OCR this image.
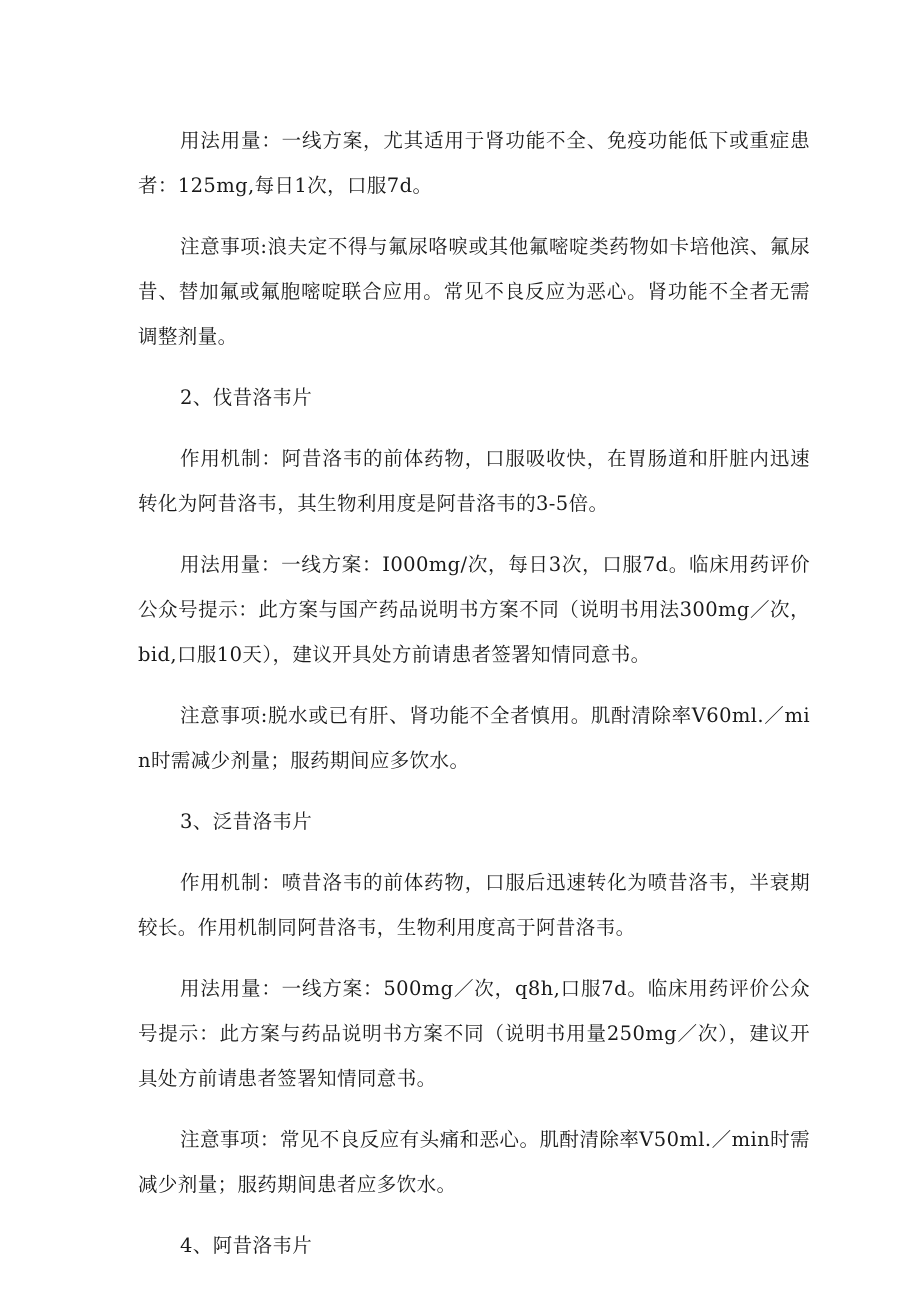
用法用量：一线方案，尤其适用于肾功能不全、免疫功能低下或重症患者：125mg,每日1次，口服7d。

注意事项:浪夫定不得与氟尿咯唳或其他氟嘧啶类药物如卡培他滨、氟尿昔、替加氟或氟胞嘧啶联合应用。常见不良反应为恶心。肾功能不全者无需调整剂量。

2、伐昔洛韦片

作用机制：阿昔洛韦的前体药物，口服吸收快，在胃肠道和肝脏内迅速转化为阿昔洛韦，其生物利用度是阿昔洛韦的3-5倍。

用法用量：一线方案：I000mg/次，每日3次，口服7d。临床用药评价公众号提示：此方案与国产药品说明书方案不同（说明书用法300mg／次，bid,口服10天），建议开具处方前请患者签署知情同意书。

注意事项:脱水或已有肝、肾功能不全者慎用。肌酎清除率V60ml.／min时需减少剂量；服药期间应多饮水。

3、泛昔洛韦片

作用机制：喷昔洛韦的前体药物，口服后迅速转化为喷昔洛韦，半衰期较长。作用机制同阿昔洛韦，生物利用度高于阿昔洛韦。

用法用量：一线方案：500mg／次，q8h,口服7d。临床用药评价公众号提示：此方案与药品说明书方案不同（说明书用量250mg／次），建议开具处方前请患者签署知情同意书。

注意事项：常见不良反应有头痛和恶心。肌酎清除率V50ml.／min时需减少剂量；服药期间患者应多饮水。

4、阿昔洛韦片
